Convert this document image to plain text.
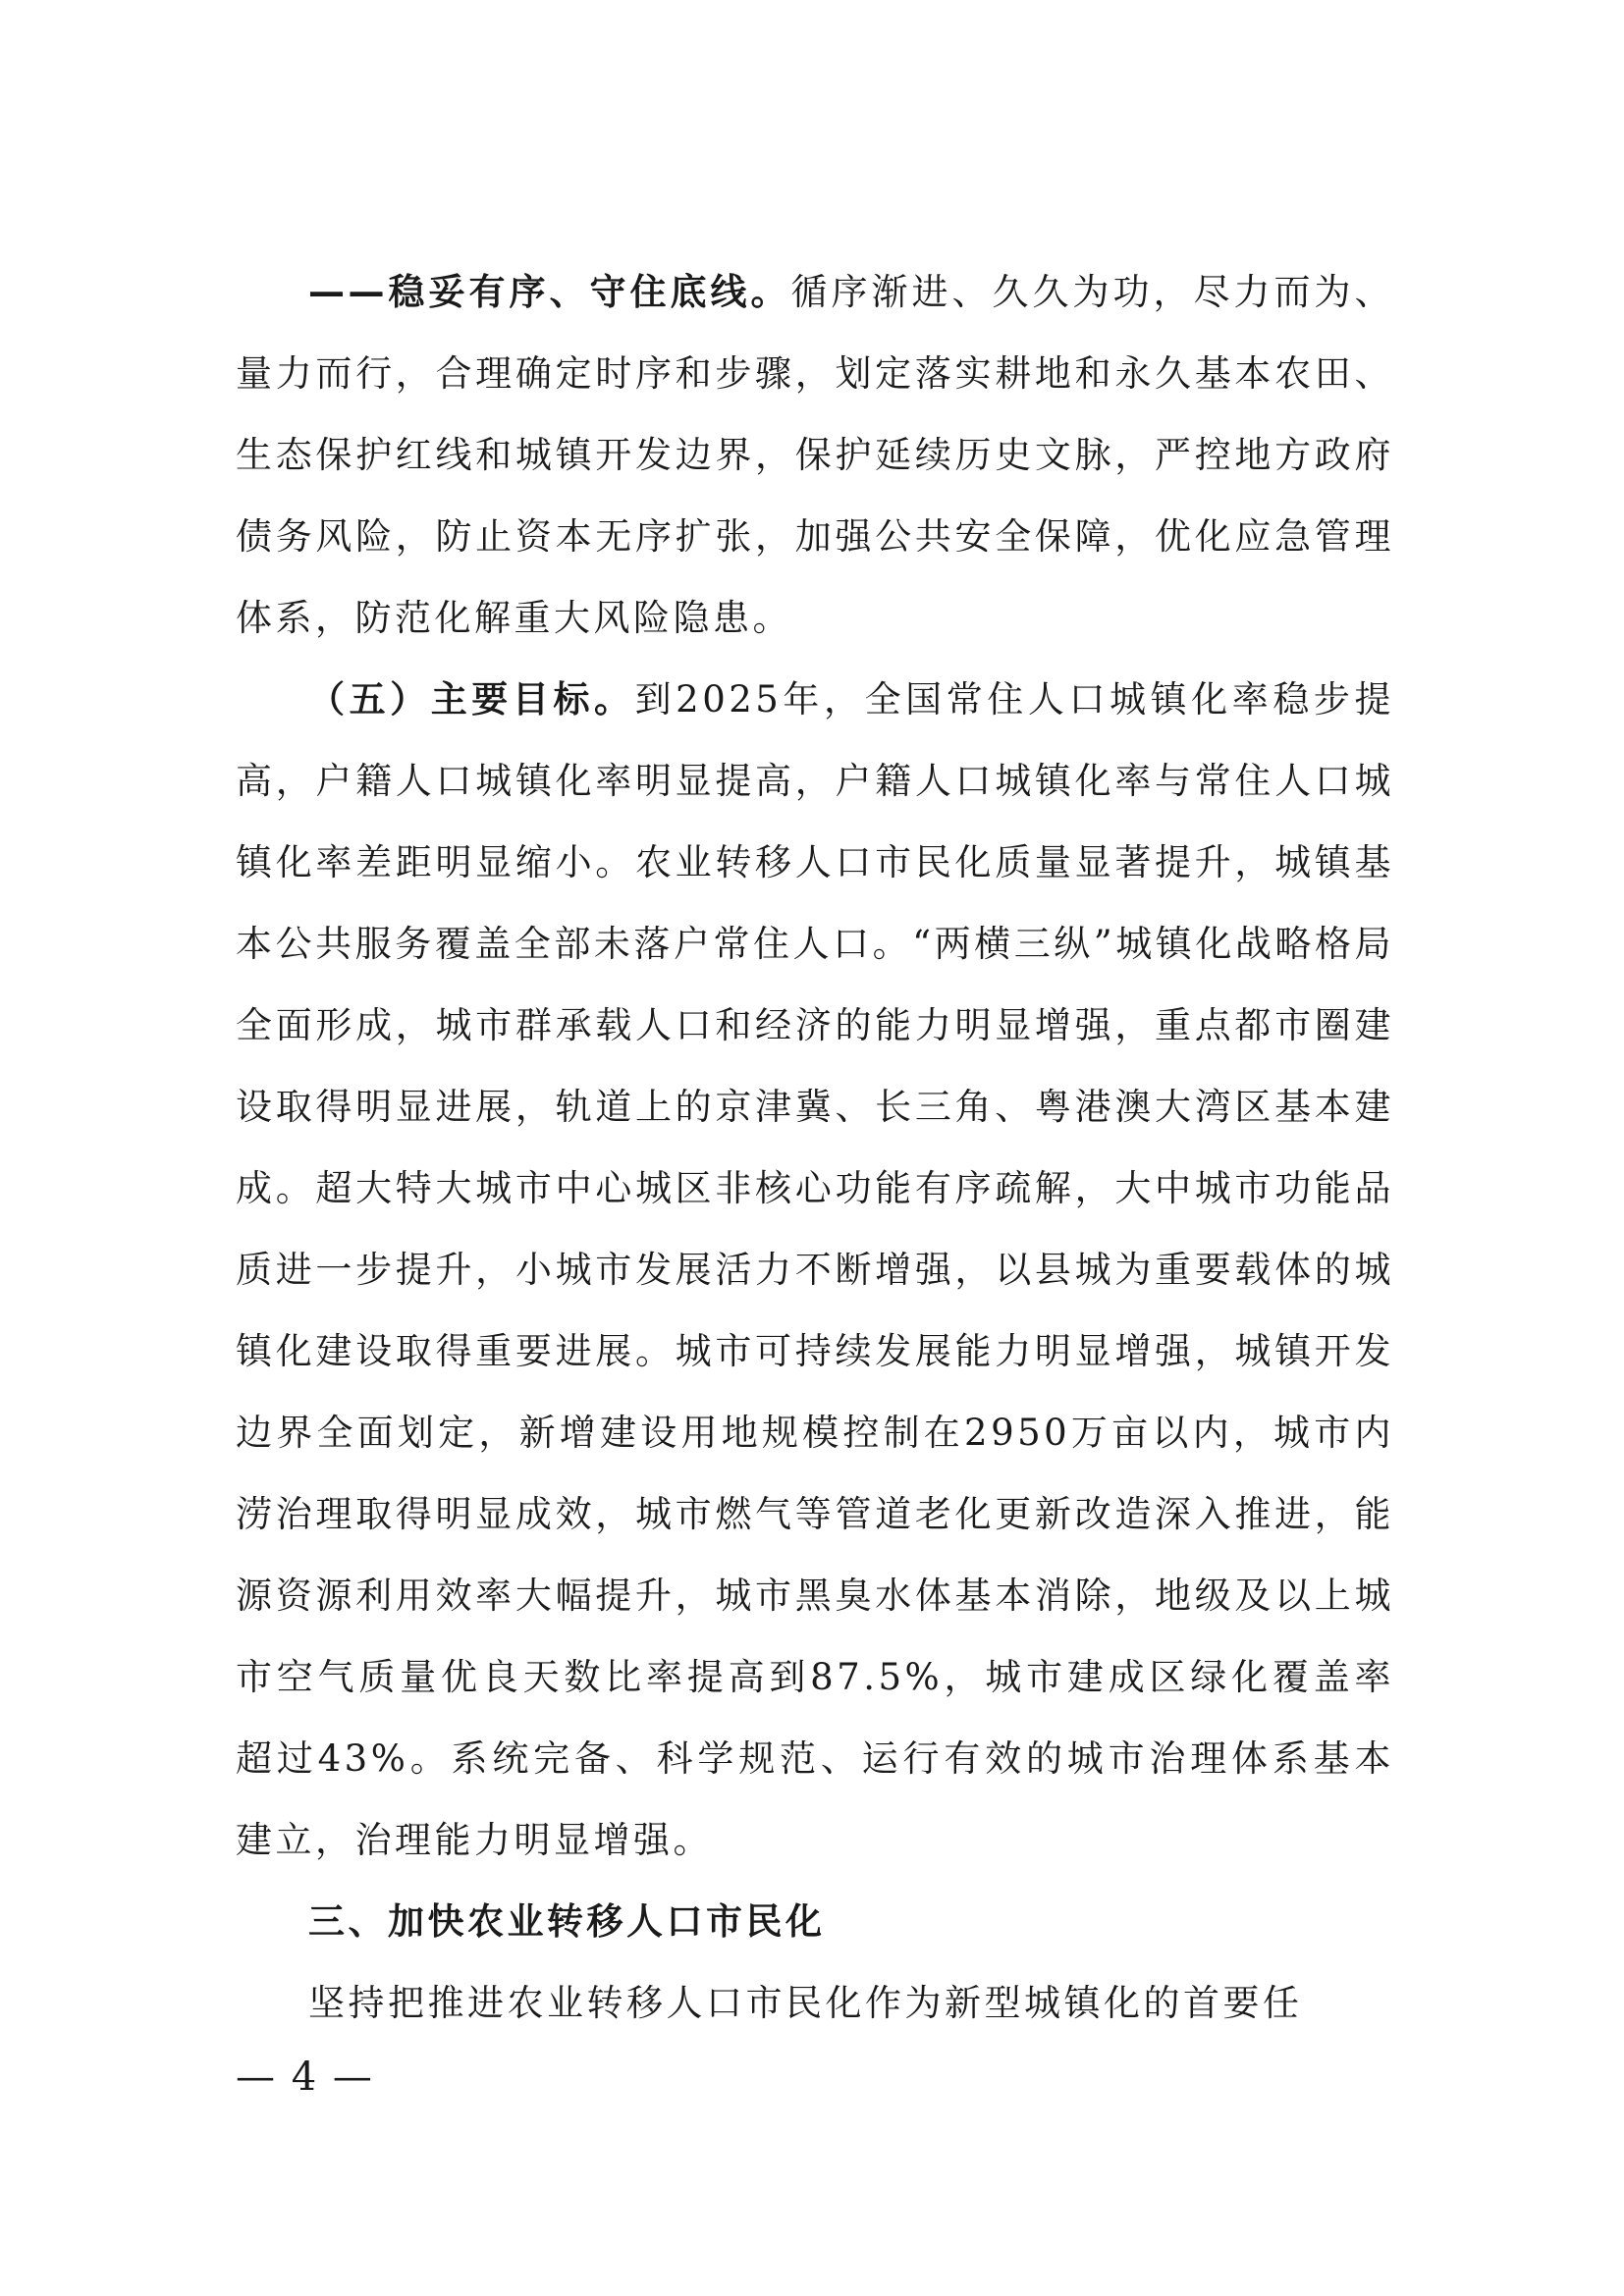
——稳妥有序、守住底线。循序渐进、久久为功，尽力而为、量力而行，合理确定时序和步骤，划定落实耕地和永久基本农田、生态保护红线和城镇开发边界，保护延续历史文脉，严控地方政府债务风险，防止资本无序扩张，加强公共安全保障，优化应急管理体系，防范化解重大风险隐患。

（五）主要目标。到2025年，全国常住人口城镇化率稳步提高，户籍人口城镇化率明显提高，户籍人口城镇化率与常住人口城镇化率差距明显缩小。农业转移人口市民化质量显著提升，城镇基本公共服务覆盖全部未落户常住人口。“两横三纵”城镇化战略格局全面形成，城市群承载人口和经济的能力明显增强，重点都市圈建设取得明显进展，轨道上的京津冀、长三角、粤港澳大湾区基本建成。超大特大城市中心城区非核心功能有序疏解，大中城市功能品质进一步提升，小城市发展活力不断增强，以县城为重要载体的城镇化建设取得重要进展。城市可持续发展能力明显增强，城镇开发边界全面划定，新增建设用地规模控制在2950万亩以内，城市内涝治理取得明显成效，城市燃气等管道老化更新改造深入推进，能源资源利用效率大幅提升，城市黑臭水体基本消除，地级及以上城市空气质量优良天数比率提高到87.5%，城市建成区绿化覆盖率超过43%。系统完备、科学规范、运行有效的城市治理体系基本建立，治理能力明显增强。

三、加快农业转移人口市民化

坚持把推进农业转移人口市民化作为新型城镇化的首要任

— 4 —
